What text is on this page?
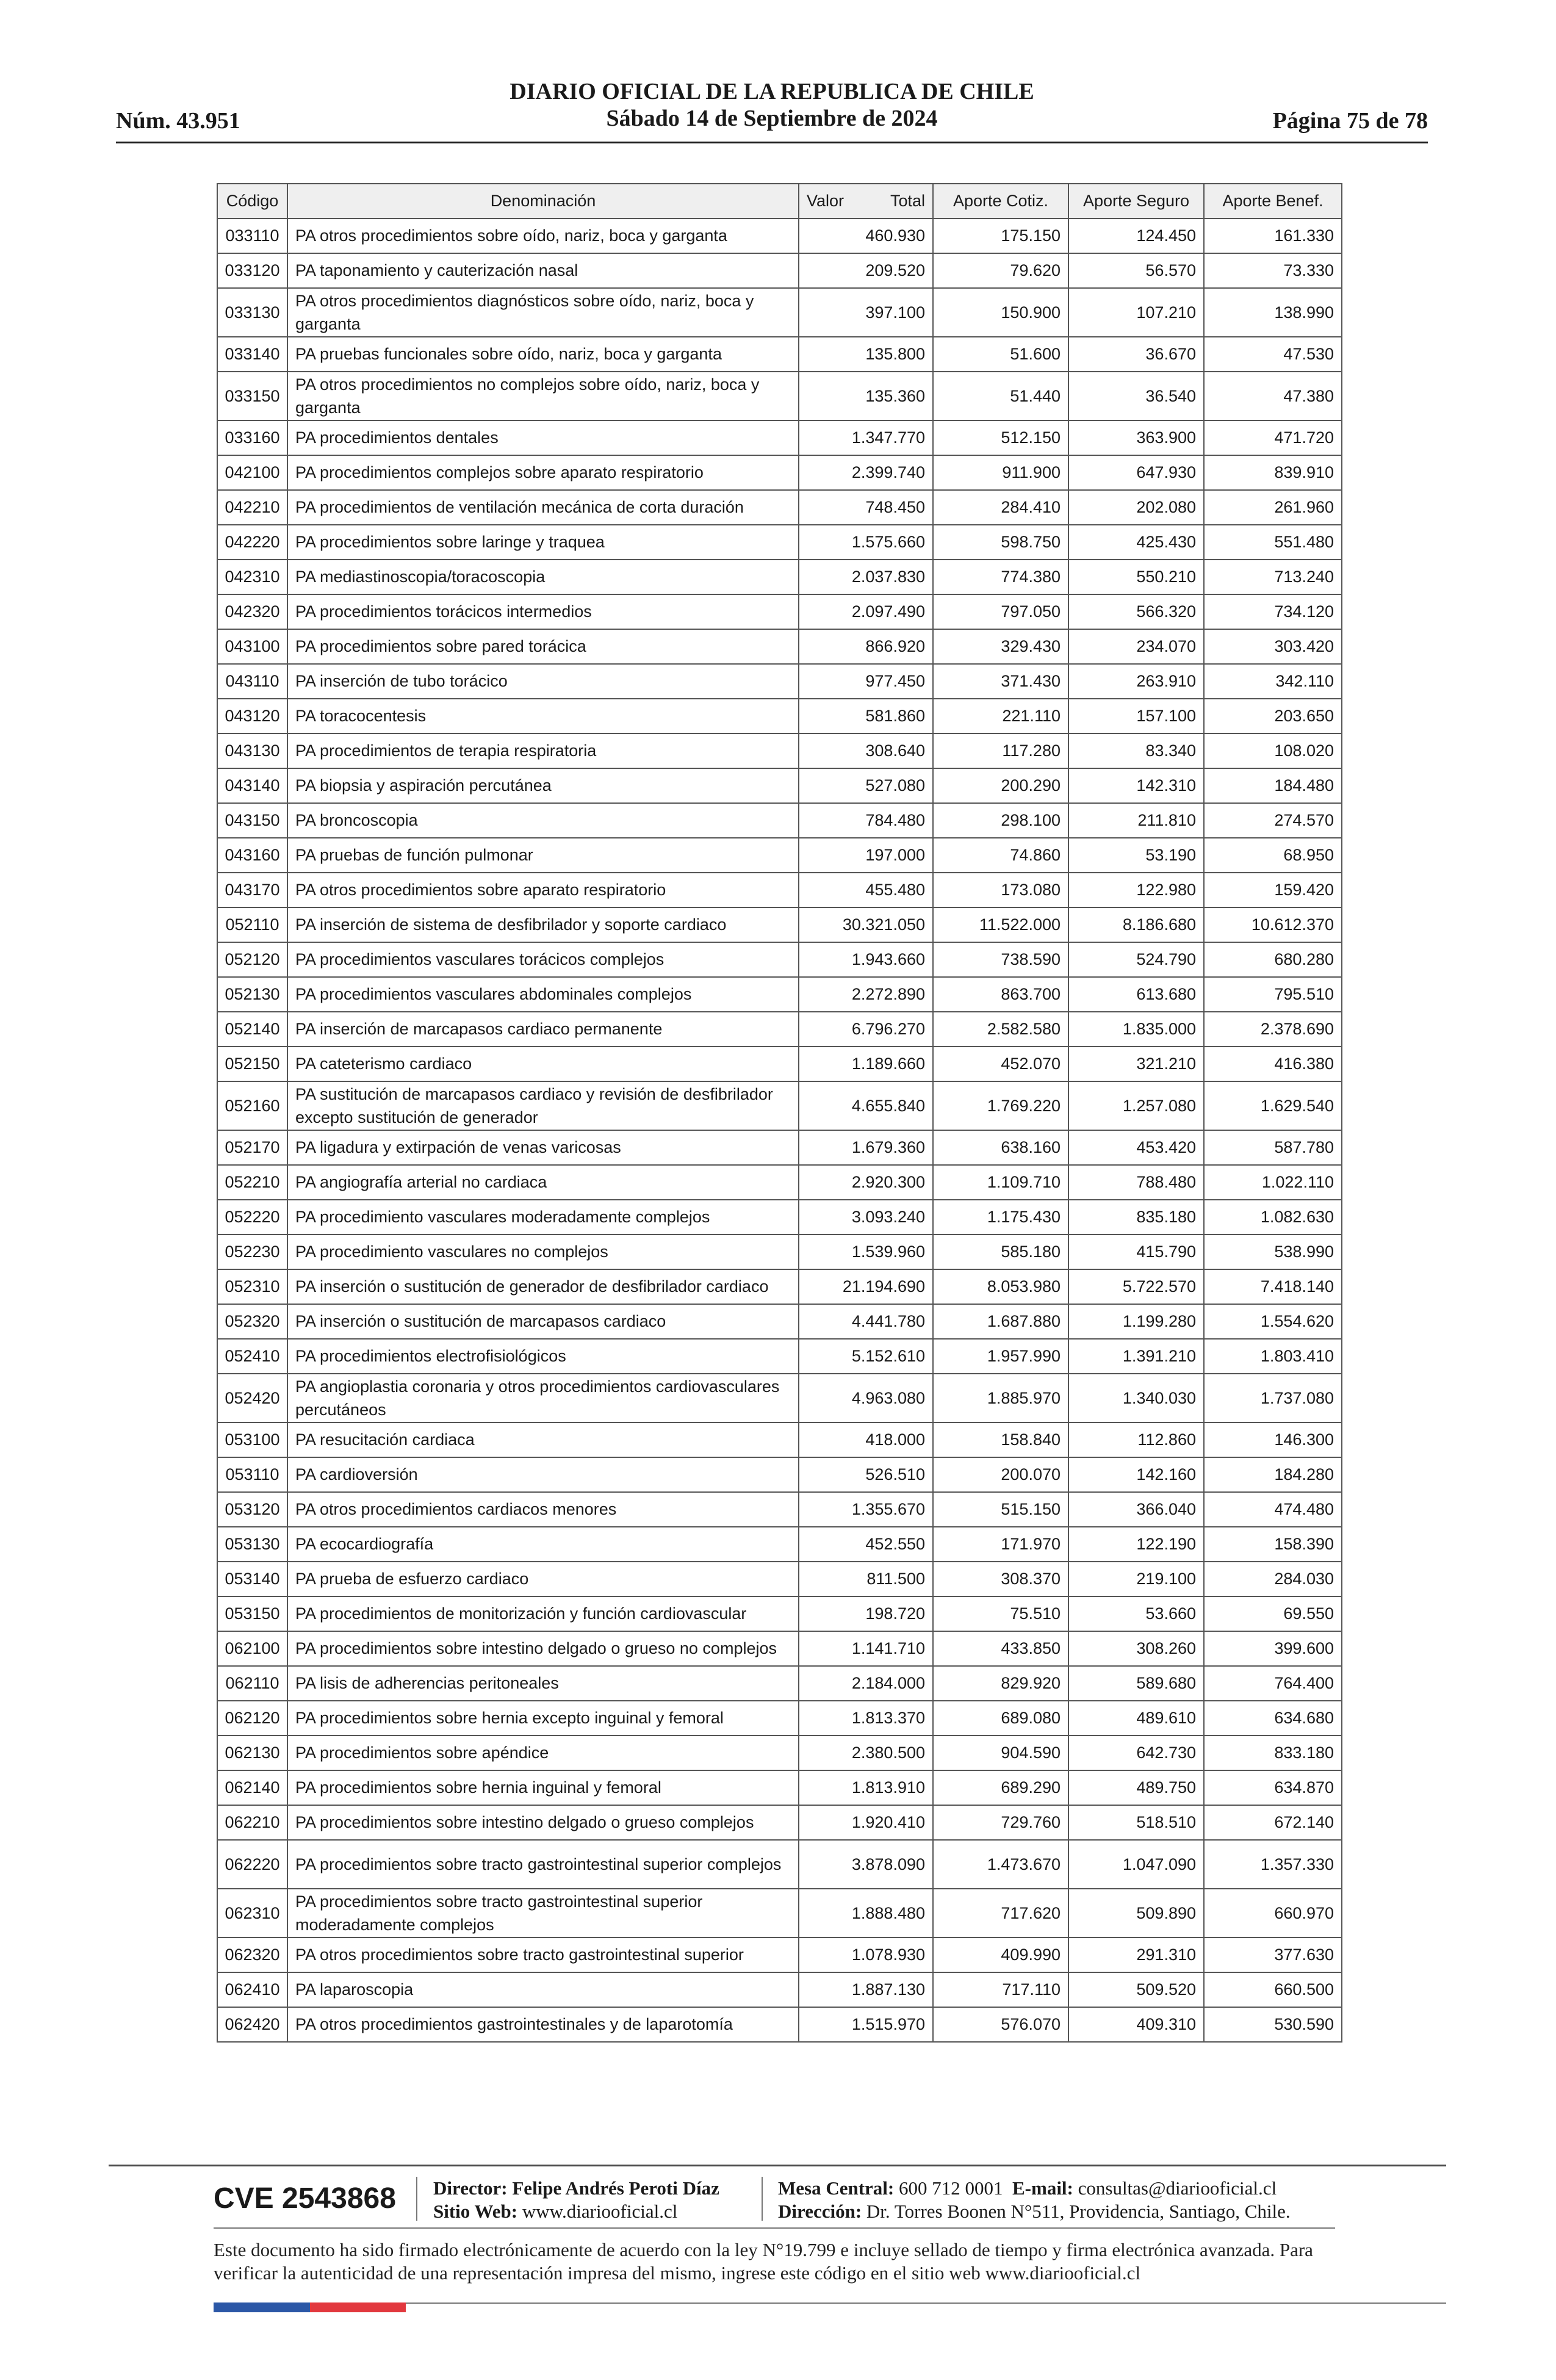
Núm. 43.951
DIARIO OFICIAL DE LA REPUBLICA DE CHILE
Sábado 14 de Septiembre de 2024	Página 75 de 78
Código	Denominación	Valor Total	Aporte Cotiz.	Aporte Seguro	Aporte Benef.
033110	PA otros procedimientos sobre oído, nariz, boca y garganta	460.930	175.150	124.450	161.330
033120	PA taponamiento y cauterización nasal	209.520	79.620	56.570	73.330
033130	PA otros procedimientos diagnósticos sobre oído, nariz, boca y garganta	397.100	150.900	107.210	138.990
033140	PA pruebas funcionales sobre oído, nariz, boca y garganta	135.800	51.600	36.670	47.530
033150	PA otros procedimientos no complejos sobre oído, nariz, boca y garganta	135.360	51.440	36.540	47.380
033160	PA procedimientos dentales	1.347.770	512.150	363.900	471.720
042100	PA procedimientos complejos sobre aparato respiratorio	2.399.740	911.900	647.930	839.910
042210	PA procedimientos de ventilación mecánica de corta duración	748.450	284.410	202.080	261.960
042220	PA procedimientos sobre laringe y traquea	1.575.660	598.750	425.430	551.480
042310	PA mediastinoscopia/toracoscopia	2.037.830	774.380	550.210	713.240
042320	PA procedimientos torácicos intermedios	2.097.490	797.050	566.320	734.120
043100	PA procedimientos sobre pared torácica	866.920	329.430	234.070	303.420
043110	PA inserción de tubo torácico	977.450	371.430	263.910	342.110
043120	PA toracocentesis	581.860	221.110	157.100	203.650
043130	PA procedimientos de terapia respiratoria	308.640	117.280	83.340	108.020
043140	PA biopsia y aspiración percutánea	527.080	200.290	142.310	184.480
043150	PA broncoscopia	784.480	298.100	211.810	274.570
043160	PA pruebas de función pulmonar	197.000	74.860	53.190	68.950
043170	PA otros procedimientos sobre aparato respiratorio	455.480	173.080	122.980	159.420
052110	PA inserción de sistema de desfibrilador y soporte cardiaco	30.321.050	11.522.000	8.186.680	10.612.370
052120	PA procedimientos vasculares torácicos complejos	1.943.660	738.590	524.790	680.280
052130	PA procedimientos vasculares abdominales complejos	2.272.890	863.700	613.680	795.510
052140	PA inserción de marcapasos cardiaco permanente	6.796.270	2.582.580	1.835.000	2.378.690
052150	PA cateterismo cardiaco	1.189.660	452.070	321.210	416.380
052160	PA sustitución de marcapasos cardiaco y revisión de desfibrilador excepto sustitución de generador	4.655.840	1.769.220	1.257.080	1.629.540
052170	PA ligadura y extirpación de venas varicosas	1.679.360	638.160	453.420	587.780
052210	PA angiografía arterial no cardiaca	2.920.300	1.109.710	788.480	1.022.110
052220	PA procedimiento vasculares moderadamente complejos	3.093.240	1.175.430	835.180	1.082.630
052230	PA procedimiento vasculares no complejos	1.539.960	585.180	415.790	538.990
052310	PA inserción o sustitución de generador de desfibrilador cardiaco	21.194.690	8.053.980	5.722.570	7.418.140
052320	PA inserción o sustitución de marcapasos cardiaco	4.441.780	1.687.880	1.199.280	1.554.620
052410	PA procedimientos electrofisiológicos	5.152.610	1.957.990	1.391.210	1.803.410
052420	PA angioplastia coronaria y otros procedimientos cardiovasculares percutáneos	4.963.080	1.885.970	1.340.030	1.737.080
053100	PA resucitación cardiaca	418.000	158.840	112.860	146.300
053110	PA cardioversión	526.510	200.070	142.160	184.280
053120	PA otros procedimientos cardiacos menores	1.355.670	515.150	366.040	474.480
053130	PA ecocardiografía	452.550	171.970	122.190	158.390
053140	PA prueba de esfuerzo cardiaco	811.500	308.370	219.100	284.030
053150	PA procedimientos de monitorización y función cardiovascular	198.720	75.510	53.660	69.550
062100	PA procedimientos sobre intestino delgado o grueso no complejos	1.141.710	433.850	308.260	399.600
062110	PA lisis de adherencias peritoneales	2.184.000	829.920	589.680	764.400
062120	PA procedimientos sobre hernia excepto inguinal y femoral	1.813.370	689.080	489.610	634.680
062130	PA procedimientos sobre apéndice	2.380.500	904.590	642.730	833.180
062140	PA procedimientos sobre hernia inguinal y femoral	1.813.910	689.290	489.750	634.870
062210	PA procedimientos sobre intestino delgado o grueso complejos	1.920.410	729.760	518.510	672.140
062220	PA procedimientos sobre tracto gastrointestinal superior complejos	3.878.090	1.473.670	1.047.090	1.357.330
062310	PA procedimientos sobre tracto gastrointestinal superior moderadamente complejos	1.888.480	717.620	509.890	660.970
062320	PA otros procedimientos sobre tracto gastrointestinal superior	1.078.930	409.990	291.310	377.630
062410	PA laparoscopia	1.887.130	717.110	509.520	660.500
062420	PA otros procedimientos gastrointestinales y de laparotomía	1.515.970	576.070	409.310	530.590
CVE 2543868 Director: Felipe Andrés Peroti Díaz
Sitio Web: www.diariooficial.cl
Mesa Central: 600 712 0001 E-mail: consultas@diariooficial.cl
Dirección: Dr. Torres Boonen N°511, Providencia, Santiago, Chile.
Este documento ha sido firmado electrónicamente de acuerdo con la ley N°19.799 e incluye sellado de tiempo y firma electrónica avanzada. Para verificar la autenticidad de una representación impresa del mismo, ingrese este código en el sitio web www.diariooficial.cl
